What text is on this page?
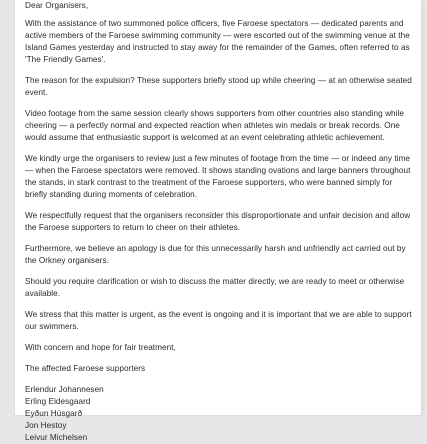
Dear Organisers,

With the assistance of two summoned police officers, five Faroese spectators — dedicated parents and active members of the Faroese swimming community — were escorted out of the swimming venue at the Island Games yesterday and instructed to stay away for the remainder of the Games, often referred to as 'The Friendly Games'.

The reason for the expulsion? These supporters briefly stood up while cheering — at an otherwise seated event.

Video footage from the same session clearly shows supporters from other countries also standing while cheering — a perfectly normal and expected reaction when athletes win medals or break records. One would assume that enthusiastic support is welcomed at an event celebrating athletic achievement.

We kindly urge the organisers to review just a few minutes of footage from the time — or indeed any time — when the Faroese spectators were removed. It shows standing ovations and large banners throughout the stands, in stark contrast to the treatment of the Faroese supporters, who were banned simply for briefly standing during moments of celebration.

We respectfully request that the organisers reconsider this disproportionate and unfair decision and allow the Faroese supporters to return to cheer on their athletes.

Furthermore, we believe an apology is due for this unnecessarily harsh and unfriendly act carried out by the Orkney organisers.

Should you require clarification or wish to discuss the matter directly, we are ready to meet or otherwise available.

We stress that this matter is urgent, as the event is ongoing and it is important that we are able to support our swimmers.

With concern and hope for fair treatment,

The affected Faroese supporters

Erlendur Johannesen
Erling Eidesgaard
Eyðun Húsgarð
Jon Hestoy
Leivur Michelsen
